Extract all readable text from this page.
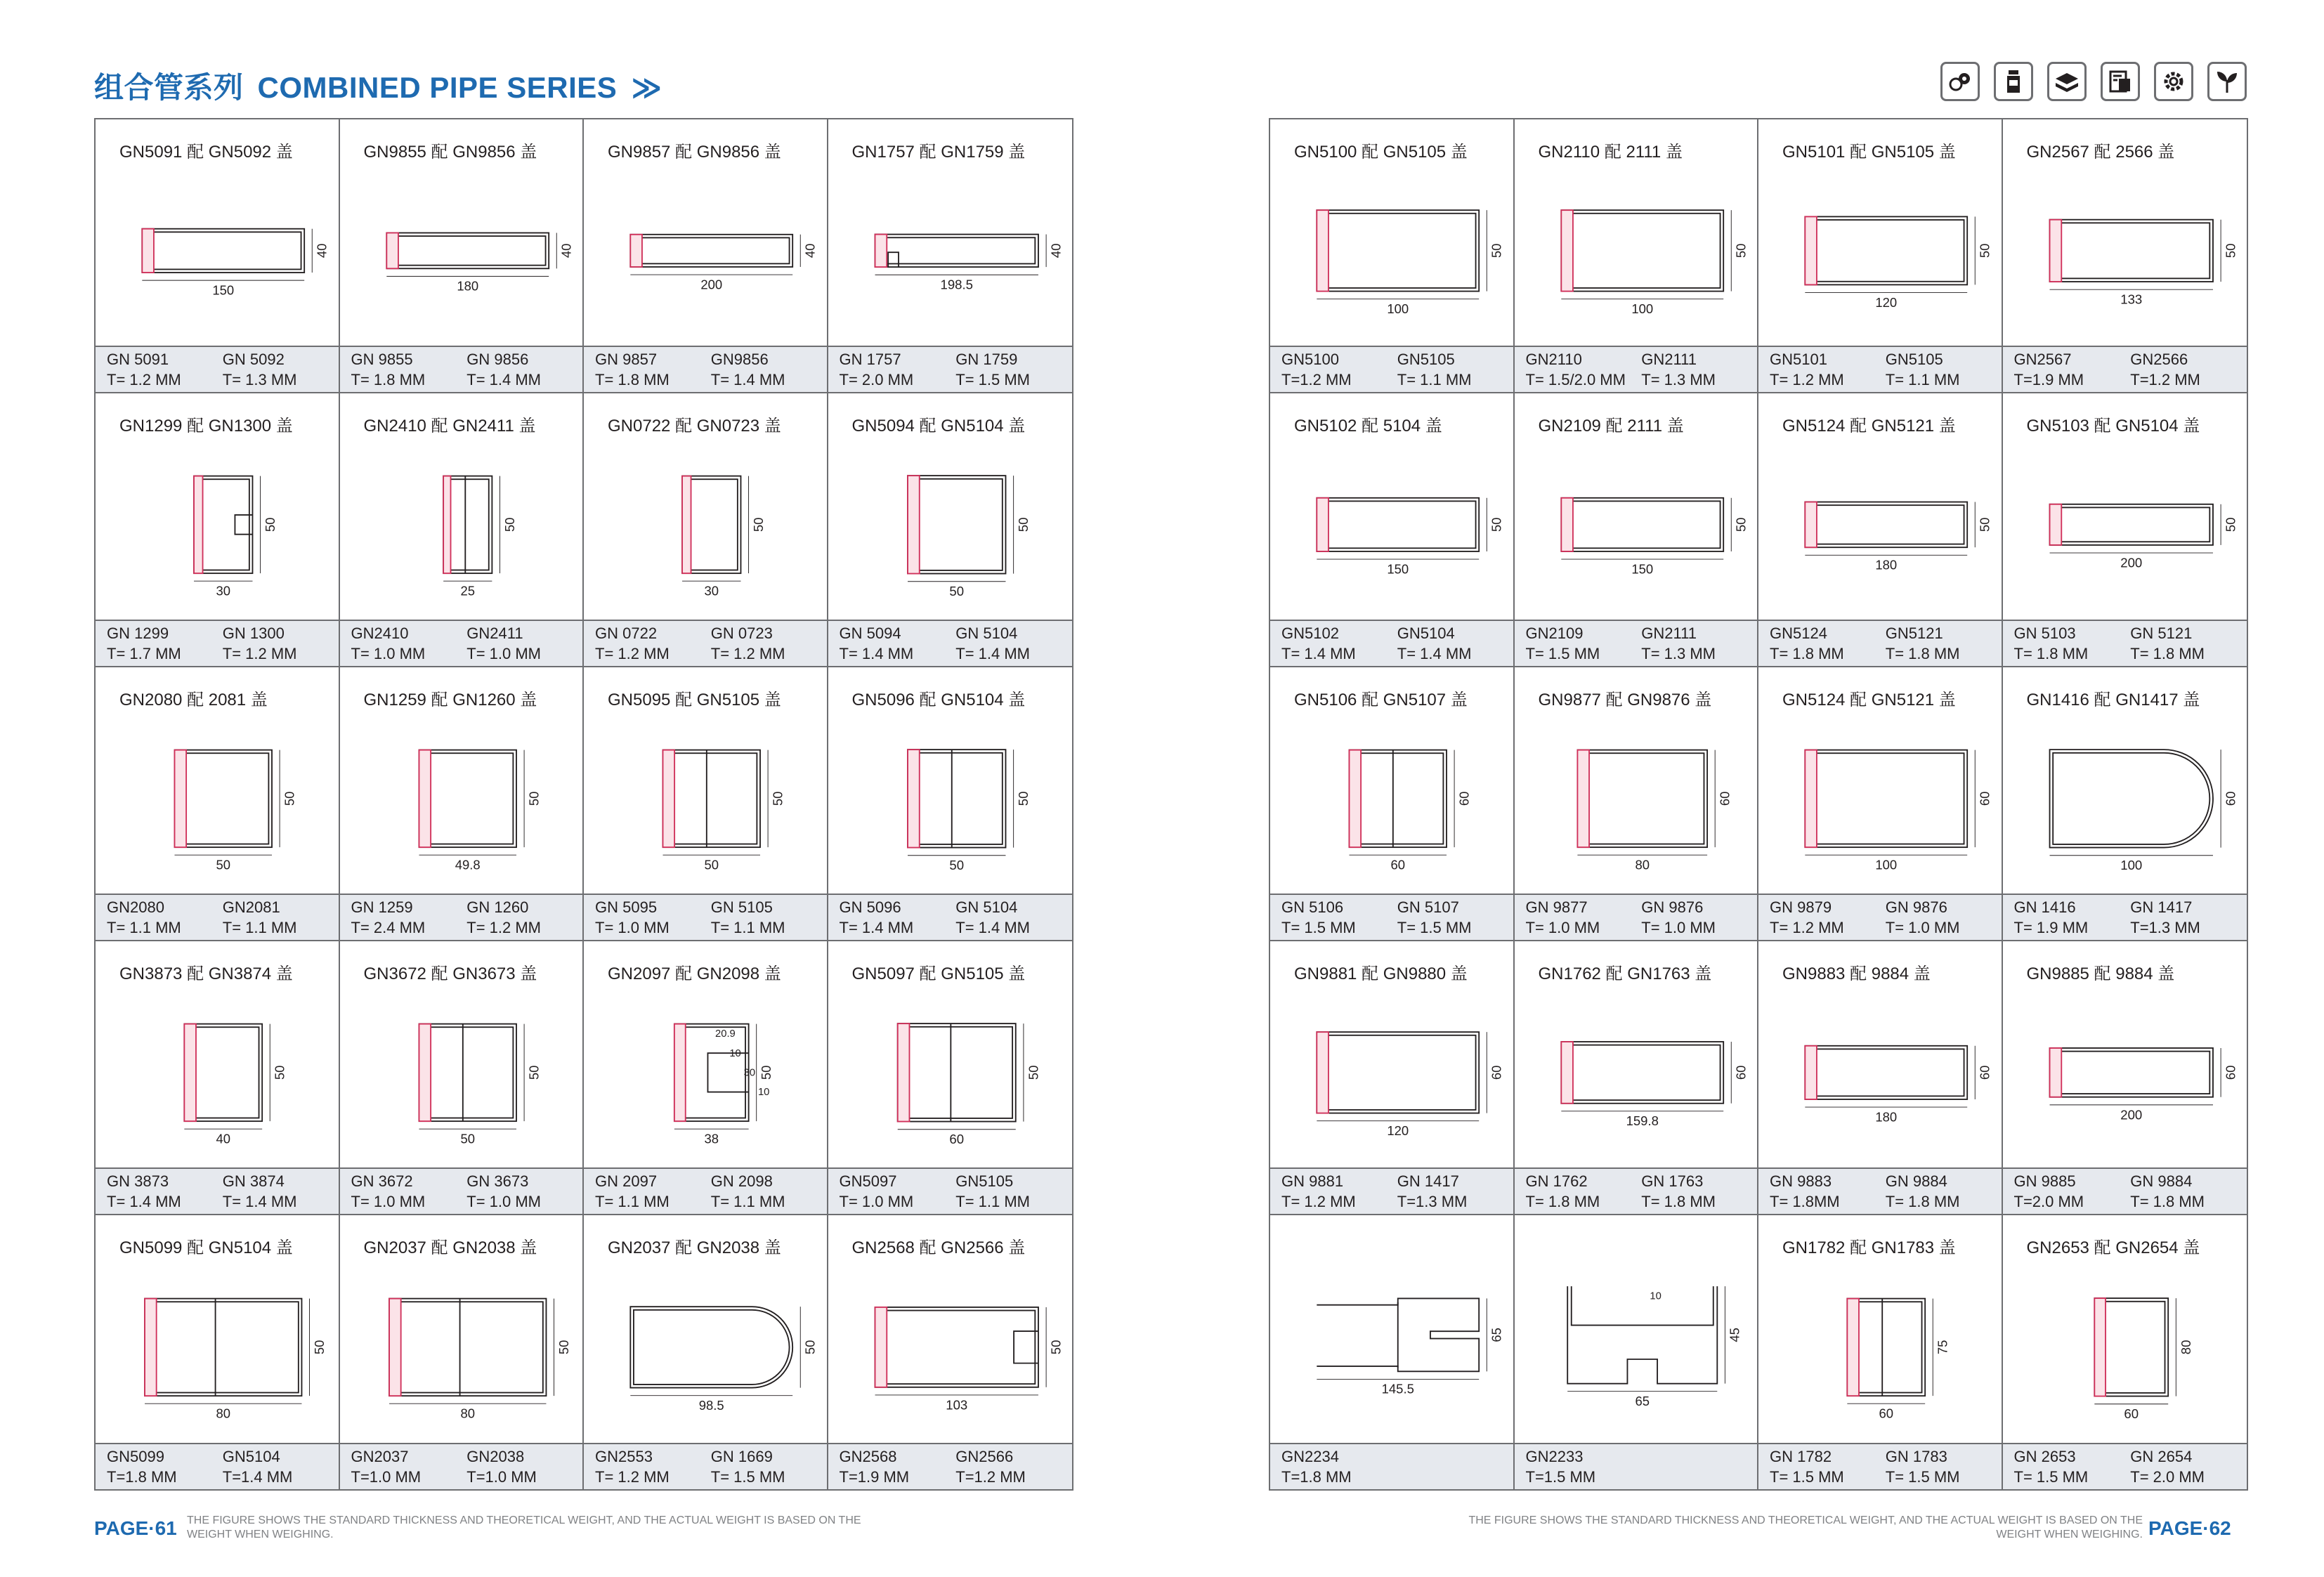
组合管系列 COMBINED PIPE SERIES ≫
GN5091 配 GN5092 盖
150
40
GN 5091	GN 5092
T= 1.2 MM	T= 1.3 MM
GN9855 配 GN9856 盖
180
40
GN 9855	GN 9856
T= 1.8 MM	T= 1.4 MM
GN9857 配 GN9856 盖
200
40
GN 9857	GN9856
T= 1.8 MM	T= 1.4 MM
GN1757 配 GN1759 盖
198.5
40
GN 1757	GN 1759
T= 2.0 MM	T= 1.5 MM
GN1299 配 GN1300 盖
30
50
GN 1299	GN 1300
T= 1.7 MM	T= 1.2 MM
GN2410 配 GN2411 盖
25
50
GN2410	GN2411
T= 1.0 MM	T= 1.0 MM
GN0722 配 GN0723 盖
30
50
GN 0722	GN 0723
T= 1.2 MM	T= 1.2 MM
GN5094 配 GN5104 盖
50
50
GN 5094	GN 5104
T= 1.4 MM	T= 1.4 MM
GN2080 配 2081 盖
50
50
GN2080	GN2081
T= 1.1 MM	T= 1.1 MM
GN1259 配 GN1260 盖
49.8
50
GN 1259	GN 1260
T= 2.4 MM	T= 1.2 MM
GN5095 配 GN5105 盖
50
50
GN 5095	GN 5105
T= 1.0 MM	T= 1.1 MM
GN5096 配 GN5104 盖
50
50
GN 5096	GN 5104
T= 1.4 MM	T= 1.4 MM
GN3873 配 GN3874 盖
40
50
GN 3873	GN 3874
T= 1.4 MM	T= 1.4 MM
GN3672 配 GN3673 盖
50
50
GN 3672	GN 3673
T= 1.0 MM	T= 1.0 MM
GN2097 配 GN2098 盖
38
50
20.9
10
30
10
GN 2097	GN 2098
T= 1.1 MM	T= 1.1 MM
GN5097 配 GN5105 盖
60
50
GN5097	GN5105
T= 1.0 MM	T= 1.1 MM
GN5099 配 GN5104 盖
80
50
GN5099	GN5104
T=1.8 MM	T=1.4 MM
GN2037 配 GN2038 盖
80
50
GN2037	GN2038
T=1.0 MM	T=1.0 MM
GN2037 配 GN2038 盖
98.5
50
GN2553	GN 1669
T= 1.2 MM	T= 1.5 MM
GN2568 配 GN2566 盖
103
50
GN2568	GN2566
T=1.9 MM	T=1.2 MM
GN5100 配 GN5105 盖
100
50
GN5100	GN5105
T=1.2 MM	T= 1.1 MM
GN2110 配 2111 盖
100
50
GN2110	GN2111
T= 1.5/2.0 MM	T= 1.3 MM
GN5101 配 GN5105 盖
120
50
GN5101	GN5105
T= 1.2 MM	T= 1.1 MM
GN2567 配 2566 盖
133
50
GN2567	GN2566
T=1.9 MM	T=1.2 MM
GN5102 配 5104 盖
150
50
GN5102	GN5104
T= 1.4 MM	T= 1.4 MM
GN2109 配 2111 盖
150
50
GN2109	GN2111
T= 1.5 MM	T= 1.3 MM
GN5124 配 GN5121 盖
180
50
GN5124	GN5121
T= 1.8 MM	T= 1.8 MM
GN5103 配 GN5104 盖
200
50
GN 5103	GN 5121
T= 1.8 MM	T= 1.8 MM
GN5106 配 GN5107 盖
60
60
GN 5106	GN 5107
T= 1.5 MM	T= 1.5 MM
GN9877 配 GN9876 盖
80
60
GN 9877	GN 9876
T= 1.0 MM	T= 1.0 MM
GN5124 配 GN5121 盖
100
60
GN 9879	GN 9876
T= 1.2 MM	T= 1.0 MM
GN1416 配 GN1417 盖
100
60
GN 1416	GN 1417
T= 1.9 MM	T=1.3 MM
GN9881 配 GN9880 盖
120
60
GN 9881	GN 1417
T= 1.2 MM	T=1.3 MM
GN1762 配 GN1763 盖
159.8
60
GN 1762	GN 1763
T= 1.8 MM	T= 1.8 MM
GN9883 配 9884 盖
180
60
GN 9883	GN 9884
T= 1.8MM	T= 1.8 MM
GN9885 配 9884 盖
200
60
GN 9885	GN 9884
T=2.0 MM	T= 1.8 MM
145.5
65
GN2234
T=1.8 MM
65
45
10
GN2233
T=1.5 MM
GN1782 配 GN1783 盖
60
75
GN 1782	GN 1783
T= 1.5 MM	T= 1.5 MM
GN2653 配 GN2654 盖
60
80
GN 2653	GN 2654
T= 1.5 MM	T= 2.0 MM

PAGE·61 THE FIGURE SHOWS THE STANDARD THICKNESS AND THEORETICAL WEIGHT, AND THE ACTUAL WEIGHT IS BASED ON THE WEIGHT WHEN WEIGHING.

THE FIGURE SHOWS THE STANDARD THICKNESS AND THEORETICAL WEIGHT, AND THE ACTUAL WEIGHT IS BASED ON THE WEIGHT WHEN WEIGHING. PAGE·62
